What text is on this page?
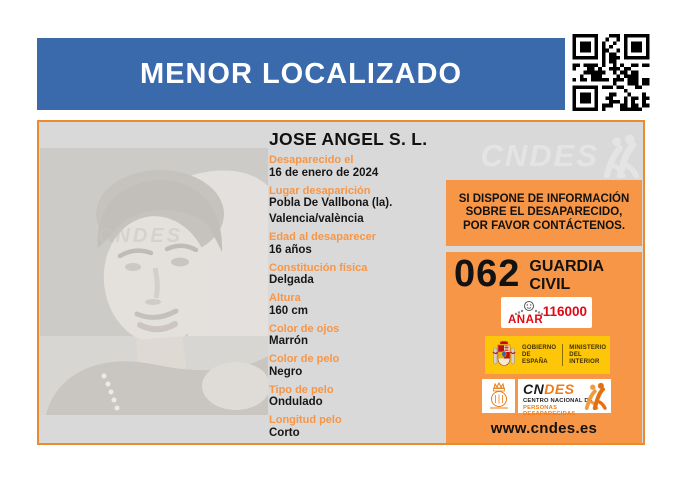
MENOR LOCALIZADO
CNDES
JOSE ANGEL S. L. CNDES
Desaparecido el
16 de enero de 2024
Lugar desaparición
Pobla De Vallbona (la).
Valencia/valència
Edad al desaparecer
16 años
Constitución física
Delgada
Altura
160 cm
Color de ojos
Marrón
Color de pelo
Negro
Tipo de pelo
Ondulado
Longitud pelo
Corto
SI DISPONE DE INFORMACIÓN SOBRE EL DESAPARECIDO, POR FAVOR CONTÁCTENOS.
062 GUARDIA
CIVIL
ANAR
116000
GOBIERNO
DE ESPAÑA
MINISTERIO
DEL INTERIOR
CNDES
CENTRO NACIONAL DE
PERSONAS DESAPARECIDAS
www.cndes.es
